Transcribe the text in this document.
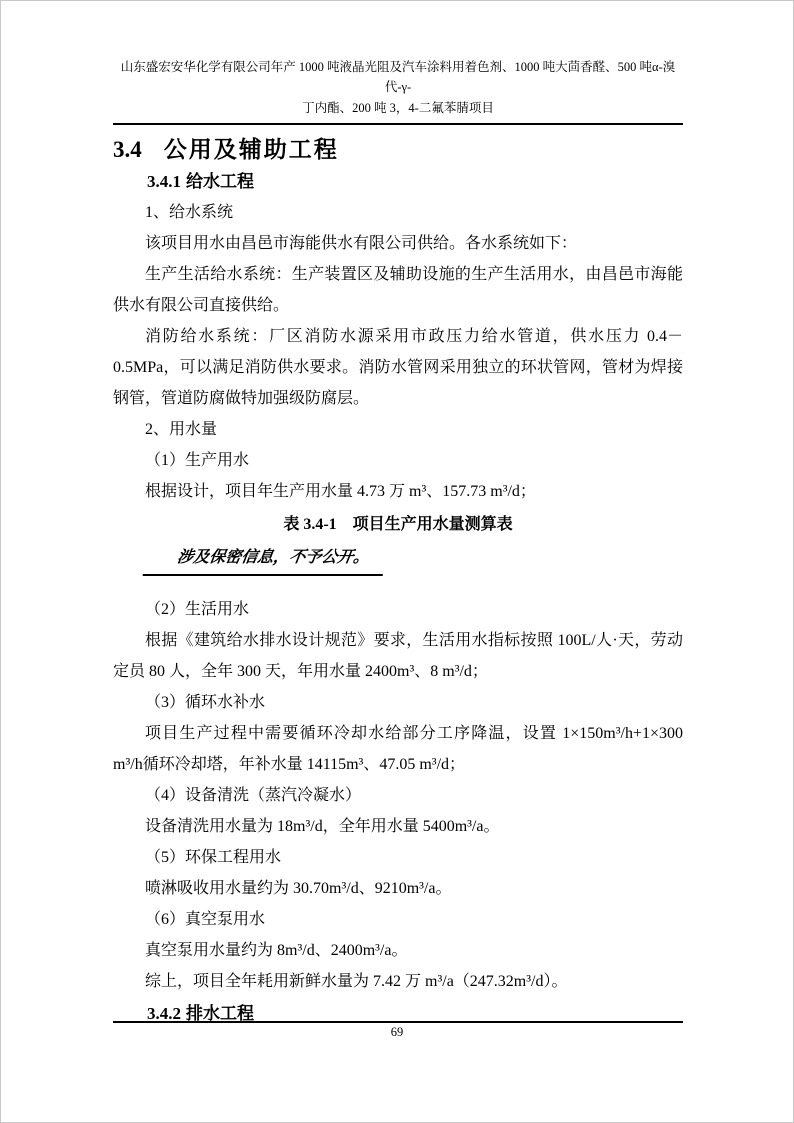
山东盛宏安华化学有限公司年产 1000 吨液晶光阻及汽车涂料用着色剂、1000 吨大茴香醛、500 吨α-溴代-γ-
丁内酯、200 吨 3，4-二氟苯腈项目
3.4 公用及辅助工程

3.4.1 给水工程

1、给水系统

该项目用水由昌邑市海能供水有限公司供给。各水系统如下：

生产生活给水系统：生产装置区及辅助设施的生产生活用水，由昌邑市海能供水有限公司直接供给。

消防给水系统：厂区消防水源采用市政压力给水管道，供水压力 0.4－0.5MPa，可以满足消防供水要求。消防水管网采用独立的环状管网，管材为焊接钢管，管道防腐做特加强级防腐层。

2、用水量

（1）生产用水

根据设计，项目年生产用水量 4.73 万 m³、157.73 m³/d；

表 3.4-1　项目生产用水量测算表

涉及保密信息，不予公开。

（2）生活用水

根据《建筑给水排水设计规范》要求，生活用水指标按照 100L/人·天，劳动定员 80 人，全年 300 天，年用水量 2400m³、8 m³/d；

（3）循环水补水

项目生产过程中需要循环冷却水给部分工序降温，设置 1×150m³/h+1×300 m³/h循环冷却塔，年补水量 14115m³、47.05 m³/d；

（4）设备清洗（蒸汽冷凝水）

设备清洗用水量为 18m³/d，全年用水量 5400m³/a。

（5）环保工程用水

喷淋吸收用水量约为 30.70m³/d、9210m³/a。

（6）真空泵用水

真空泵用水量约为 8m³/d、2400m³/a。

综上，项目全年耗用新鲜水量为 7.42 万 m³/a（247.32m³/d）。

3.4.2 排水工程

69
